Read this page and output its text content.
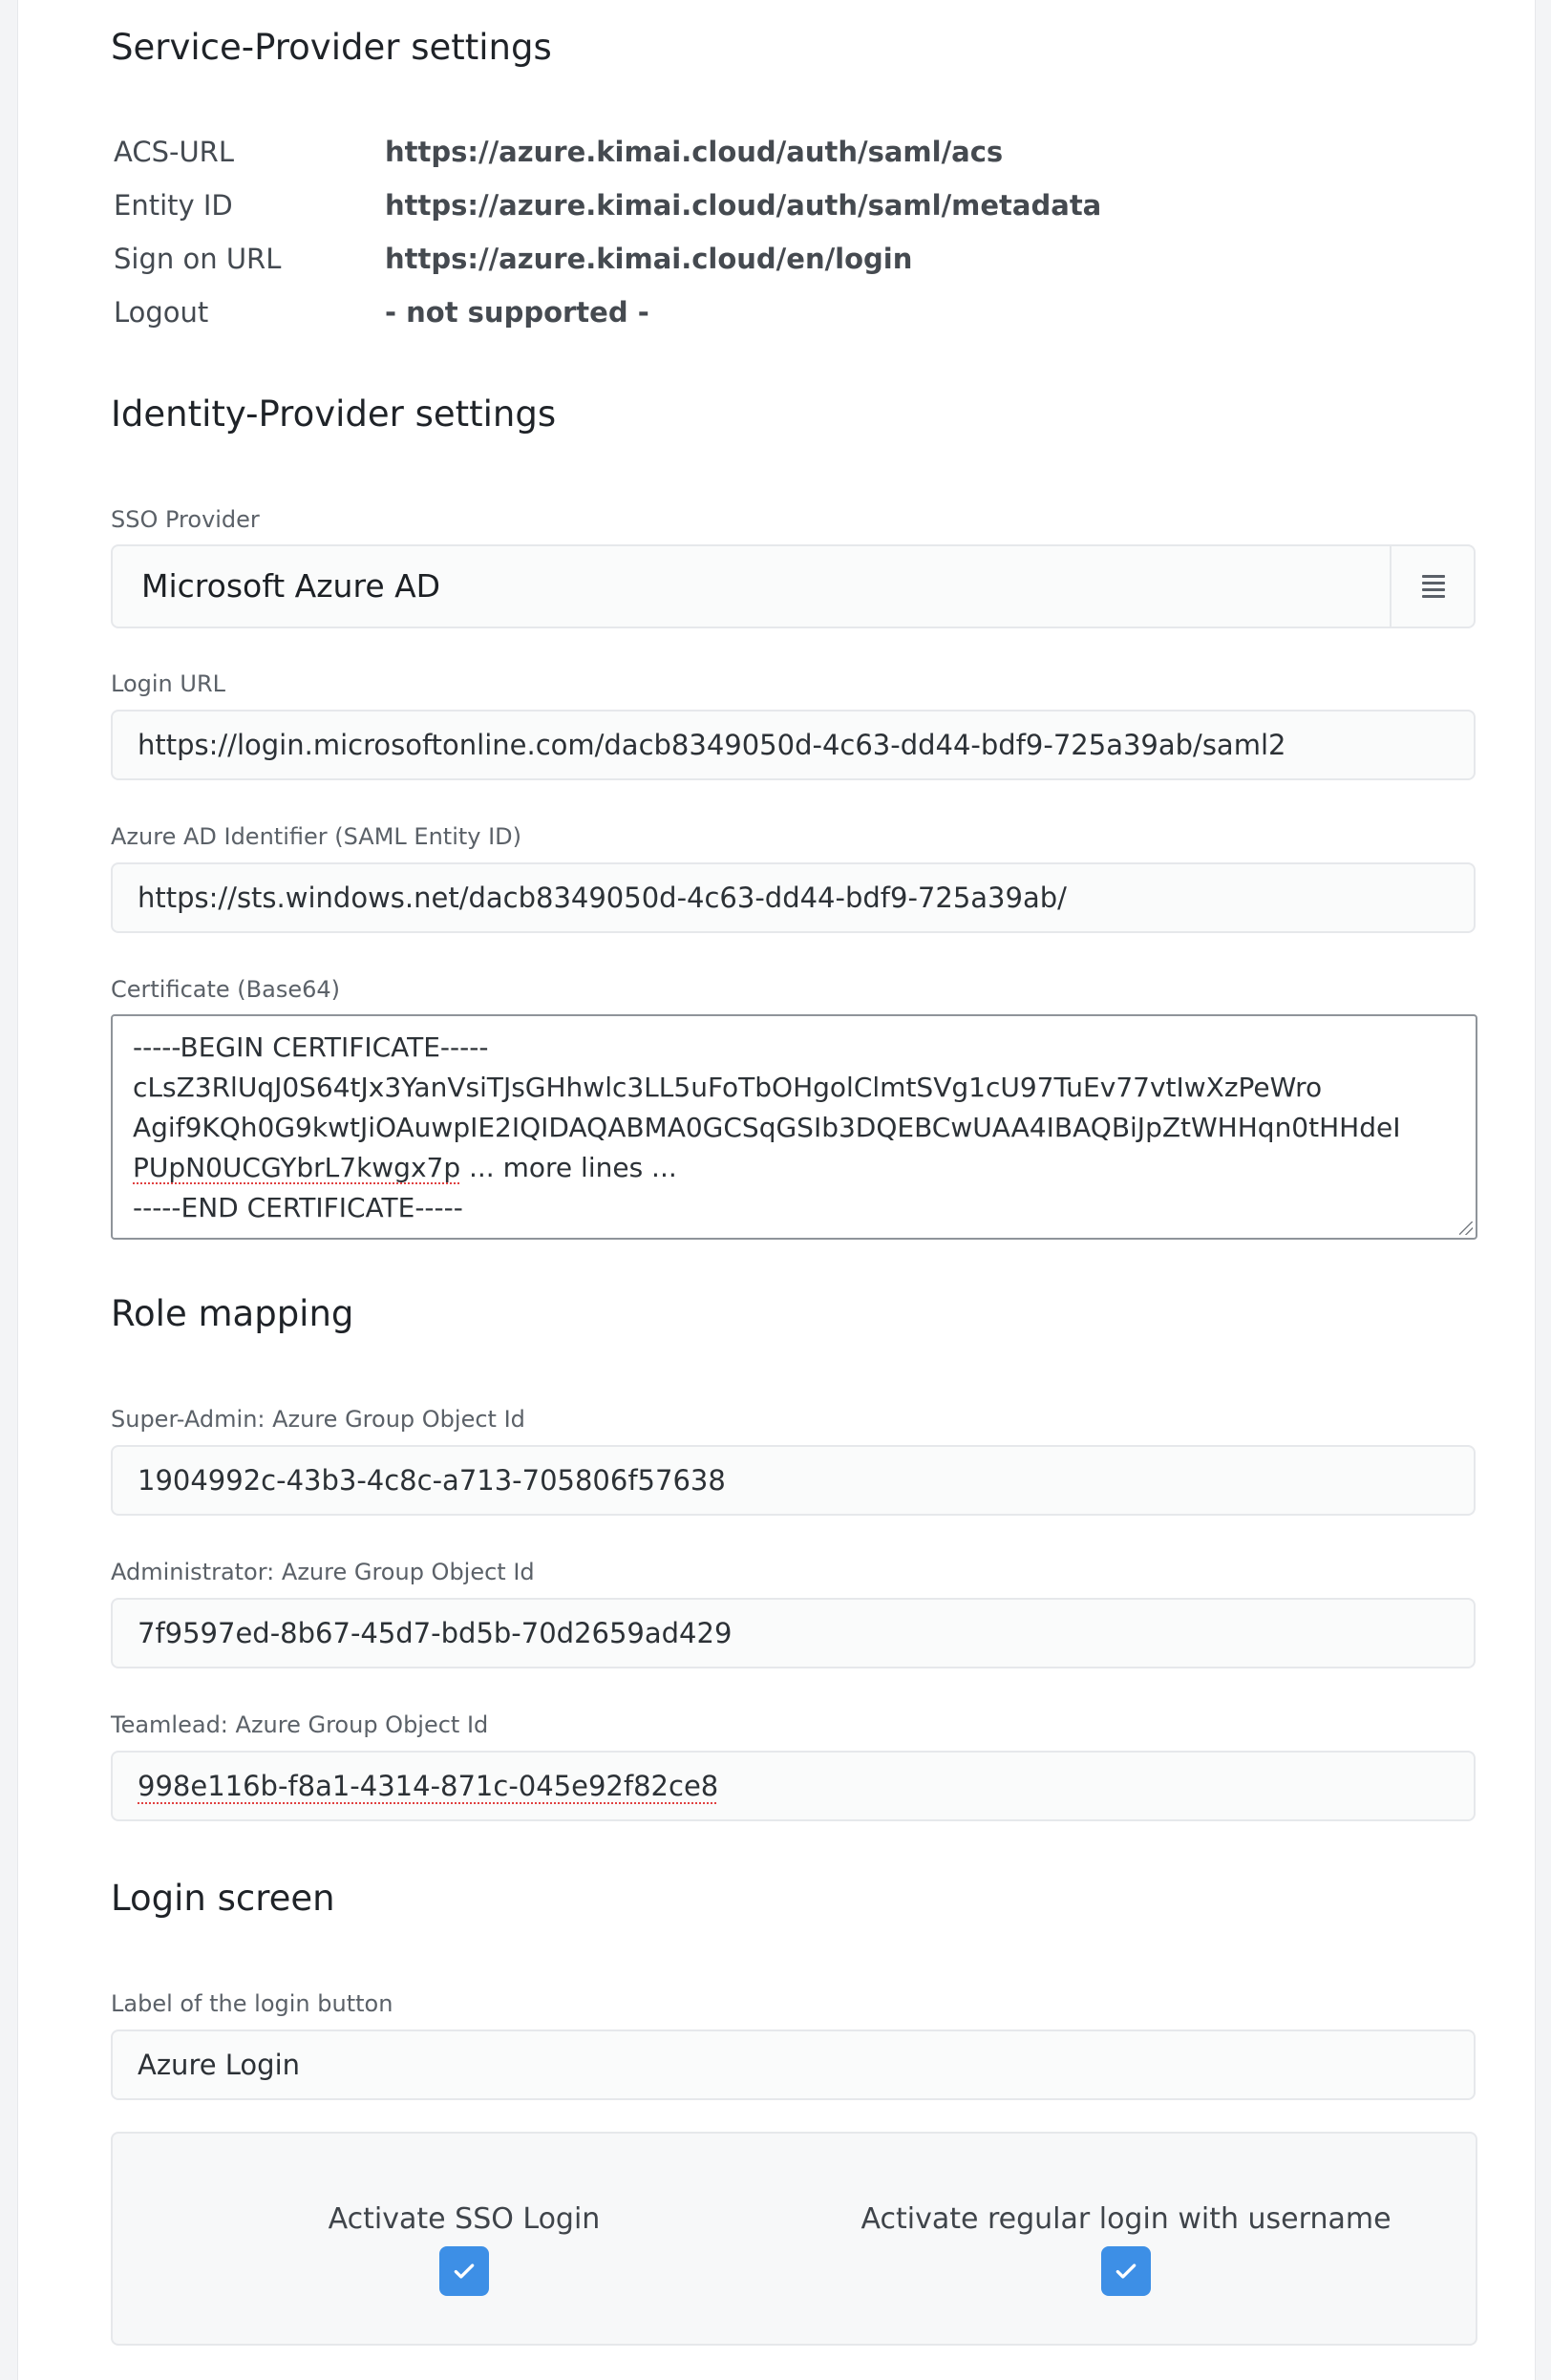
Service-Provider settings
ACS-URL	https://azure.kimai.cloud/auth/saml/acs
Entity ID	https://azure.kimai.cloud/auth/saml/metadata
Sign on URL	https://azure.kimai.cloud/en/login
Logout	- not supported -
Identity-Provider settings
SSO Provider
Microsoft Azure AD
Login URL
https://login.microsoftonline.com/dacb8349050d-4c63-dd44-bdf9-725a39ab/saml2
Azure AD Identifier (SAML Entity ID)
https://sts.windows.net/dacb8349050d-4c63-dd44-bdf9-725a39ab/
Certificate (Base64)
-----BEGIN CERTIFICATE-----
cLsZ3RlUqJ0S64tJx3YanVsiTJsGHhwlc3LL5uFoTbOHgolClmtSVg1cU97TuEv77vtIwXzPeWro
Agif9KQh0G9kwtJiOAuwpIE2IQIDAQABMA0GCSqGSIb3DQEBCwUAA4IBAQBiJpZtWHHqn0tHHdeI
PUpN0UCGYbrL7kwgx7p ... more lines ...
-----END CERTIFICATE-----
Role mapping
Super-Admin: Azure Group Object Id
1904992c-43b3-4c8c-a713-705806f57638
Administrator: Azure Group Object Id
7f9597ed-8b67-45d7-bd5b-70d2659ad429
Teamlead: Azure Group Object Id
998e116b-f8a1-4314-871c-045e92f82ce8
Login screen
Label of the login button
Azure Login
Activate SSO Login	Activate regular login with username
